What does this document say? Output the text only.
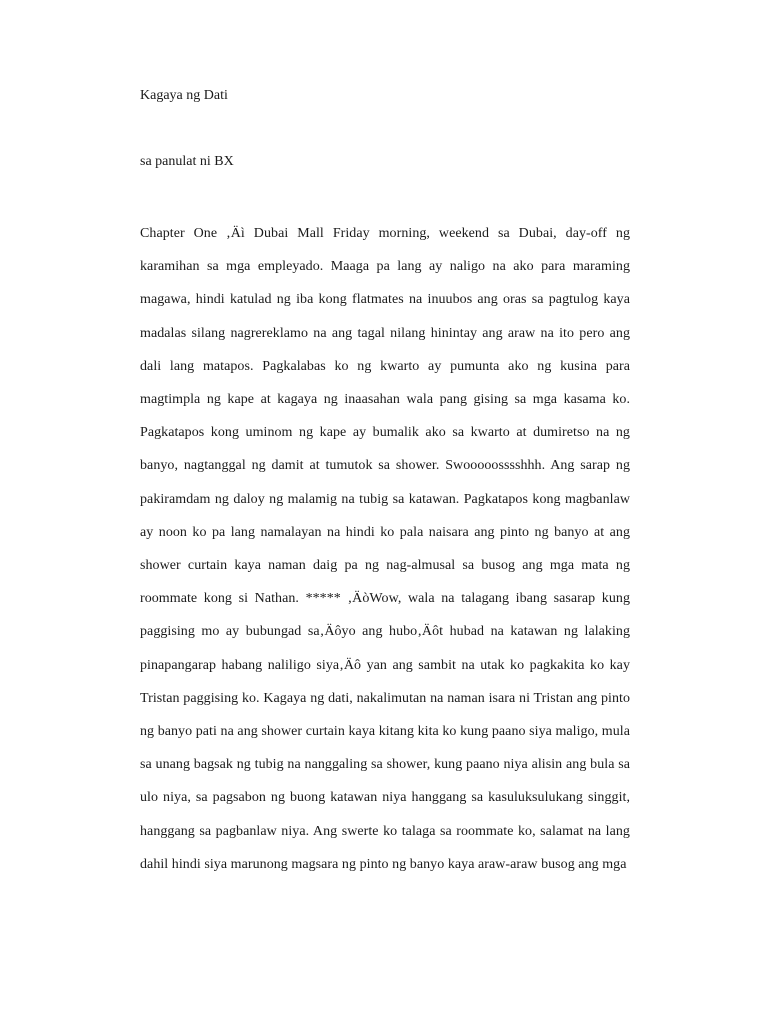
Kagaya ng Dati
sa panulat ni BX

Chapter One ‚Äì Dubai Mall Friday morning, weekend sa Dubai, day-off ng karamihan sa mga empleyado. Maaga pa lang ay naligo na ako para maraming magawa, hindi katulad ng iba kong flatmates na inuubos ang oras sa pagtulog kaya madalas silang nagrereklamo na ang tagal nilang hinintay ang araw na ito pero ang dali lang matapos. Pagkalabas ko ng kwarto ay pumunta ako ng kusina para magtimpla ng kape at kagaya ng inaasahan wala pang gising sa mga kasama ko. Pagkatapos kong uminom ng kape ay bumalik ako sa kwarto at dumiretso na ng banyo, nagtanggal ng damit at tumutok sa shower. Swooooosssshhh. Ang sarap ng pakiramdam ng daloy ng malamig na tubig sa katawan. Pagkatapos kong magbanlaw ay noon ko pa lang namalayan na hindi ko pala naisara ang pinto ng banyo at ang shower curtain kaya naman daig pa ng nag-almusal sa busog ang mga mata ng roommate kong si Nathan. ***** ‚ÄòWow, wala na talagang ibang sasarap kung paggising mo ay bubungad sa‚Äôyo ang hubo‚Äôt hubad na katawan ng lalaking pinapangarap habang naliligo siya‚Äô yan ang sambit na utak ko pagkakita ko kay Tristan paggising ko. Kagaya ng dati, nakalimutan na naman isara ni Tristan ang pinto ng banyo pati na ang shower curtain kaya kitang kita ko kung paano siya maligo, mula sa unang bagsak ng tubig na nanggaling sa shower, kung paano niya alisin ang bula sa ulo niya, sa pagsabon ng buong katawan niya hanggang sa kasuluksulukang singgit, hanggang sa pagbanlaw niya. Ang swerte ko talaga sa roommate ko, salamat na lang dahil hindi siya marunong magsara ng pinto ng banyo kaya araw-araw busog ang mga
